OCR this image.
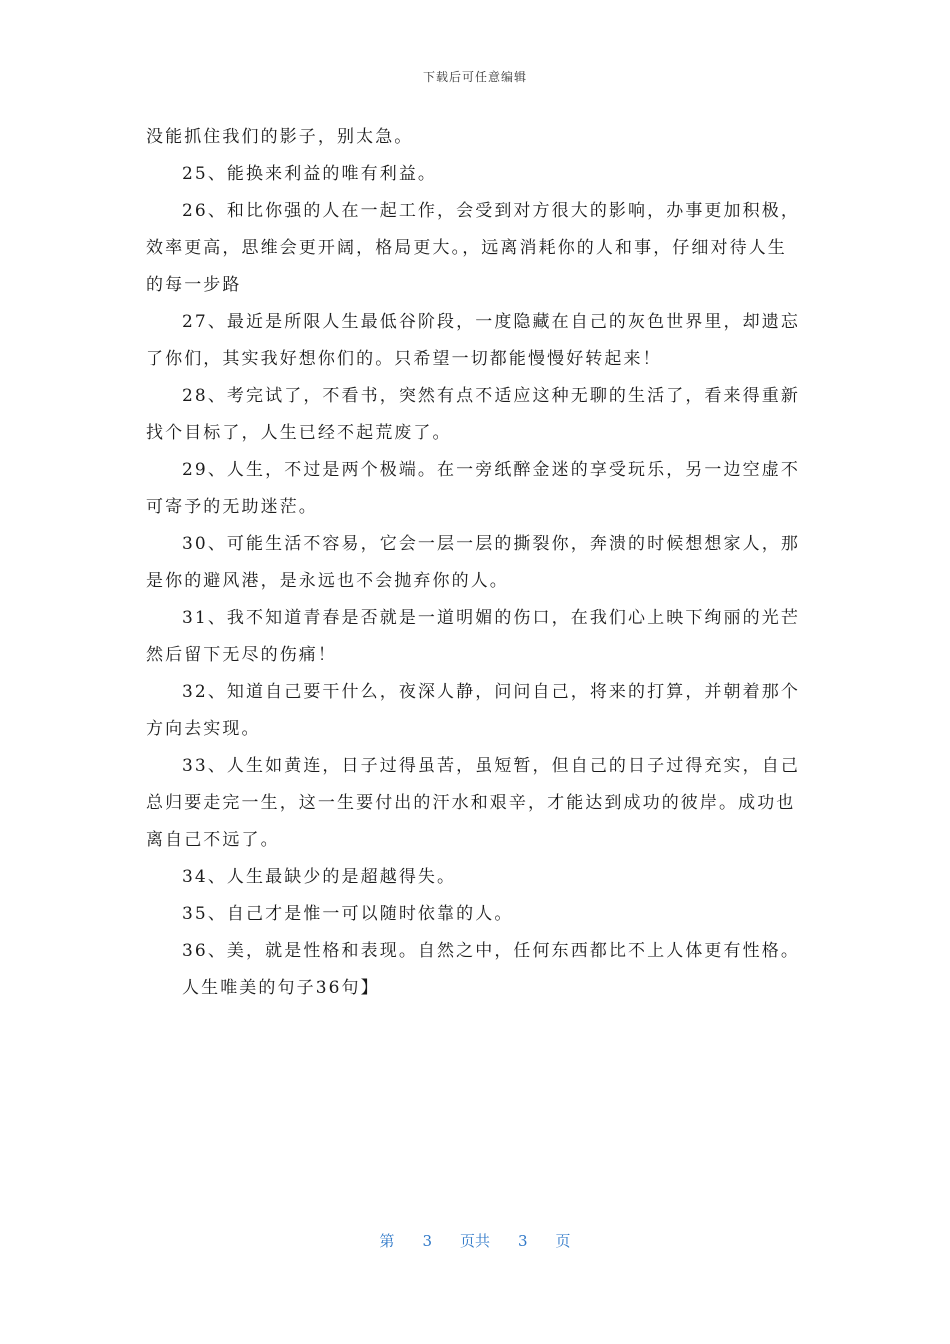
下载后可任意编辑
没能抓住我们的影子，别太急。
25、能换来利益的唯有利益。
26、和比你强的人在一起工作，会受到对方很大的影响，办事更加积极，
效率更高，思维会更开阔，格局更大。，远离消耗你的人和事，仔细对待人生
的每一步路
27、最近是所限人生最低谷阶段，一度隐藏在自己的灰色世界里，却遗忘
了你们，其实我好想你们的。只希望一切都能慢慢好转起来！
28、考完试了，不看书，突然有点不适应这种无聊的生活了，看来得重新
找个目标了，人生已经不起荒废了。
29、人生，不过是两个极端。在一旁纸醉金迷的享受玩乐，另一边空虚不
可寄予的无助迷茫。
30、可能生活不容易，它会一层一层的撕裂你，奔溃的时候想想家人，那
是你的避风港，是永远也不会抛弃你的人。
31、我不知道青春是否就是一道明媚的伤口，在我们心上映下绚丽的光芒
然后留下无尽的伤痛！
32、知道自己要干什么，夜深人静，问问自己，将来的打算，并朝着那个
方向去实现。
33、人生如黄连，日子过得虽苦，虽短暂，但自己的日子过得充实，自己
总归要走完一生，这一生要付出的汗水和艰辛，才能达到成功的彼岸。成功也
离自己不远了。
34、人生最缺少的是超越得失。
35、自己才是惟一可以随时依靠的人。
36、美，就是性格和表现。自然之中，任何东西都比不上人体更有性格。
人生唯美的句子36句】
第 3 页共 3 页
